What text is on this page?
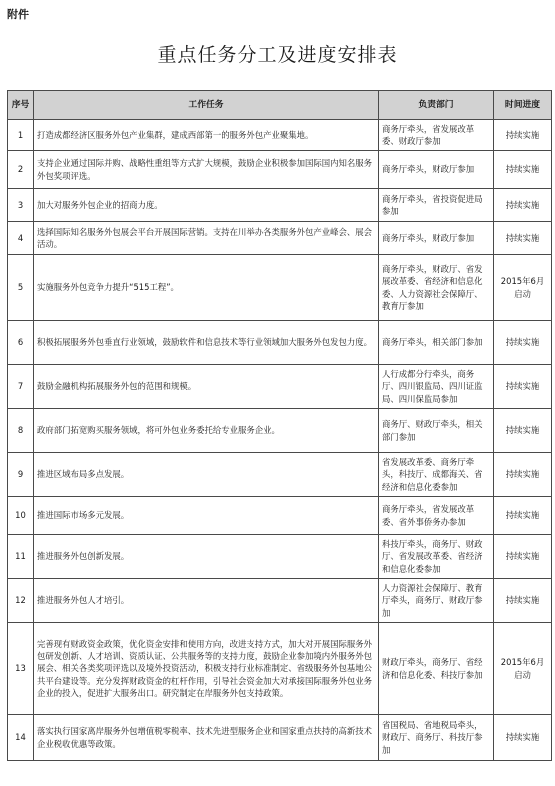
附件
重点任务分工及进度安排表
序号	工作任务	负责部门	时间进度
1	打造成都经济区服务外包产业集群，建成西部第一的服务外包产业聚集地。	商务厅牵头，省发展改革委、财政厅参加	持续实施
2	支持企业通过国际并购、战略性重组等方式扩大规模，鼓励企业积极参加国际国内知名服务外包奖项评选。	商务厅牵头，财政厅参加	持续实施
3	加大对服务外包企业的招商力度。	商务厅牵头，省投资促进局参加	持续实施
4	选择国际知名服务外包展会平台开展国际营销。支持在川举办各类服务外包产业峰会、展会活动。	商务厅牵头，财政厅参加	持续实施
5	实施服务外包竞争力提升“515工程”。	商务厅牵头，财政厅、省发展改革委、省经济和信息化委、人力资源社会保障厅、教育厅参加	2015年6月启动
6	积极拓展服务外包垂直行业领域，鼓励软件和信息技术等行业领域加大服务外包发包力度。	商务厅牵头，相关部门参加	持续实施
7	鼓励金融机构拓展服务外包的范围和规模。	人行成都分行牵头，商务厅、四川银监局、四川证监局、四川保监局参加	持续实施
8	政府部门拓宽购买服务领域，将可外包业务委托给专业服务企业。	商务厅、财政厅牵头，相关部门参加	持续实施
9	推进区域布局多点发展。	省发展改革委、商务厅牵头，科技厅、成都海关、省经济和信息化委参加	持续实施
10	推进国际市场多元发展。	商务厅牵头，省发展改革委、省外事侨务办参加	持续实施
11	推进服务外包创新发展。	科技厅牵头，商务厅、财政厅、省发展改革委、省经济和信息化委参加	持续实施
12	推进服务外包人才培引。	人力资源社会保障厅、教育厅牵头，商务厅、财政厅参加	持续实施
13	完善现有财政资金政策，优化资金安排和使用方向，改进支持方式，加大对开展国际服务外包研发创新、人才培训、资质认证、公共服务等的支持力度，鼓励企业参加境内外服务外包展会、相关各类奖项评选以及境外投资活动，积极支持行业标准制定、省级服务外包基地公共平台建设等。充分发挥财政资金的杠杆作用，引导社会资金加大对承接国际服务外包业务企业的投入，促进扩大服务出口。研究制定在岸服务外包支持政策。	财政厅牵头，商务厅、省经济和信息化委、科技厅参加	2015年6月启动
14	落实执行国家离岸服务外包增值税零税率、技术先进型服务企业和国家重点扶持的高新技术企业税收优惠等政策。	省国税局、省地税局牵头，财政厅、商务厅、科技厅参加	持续实施
